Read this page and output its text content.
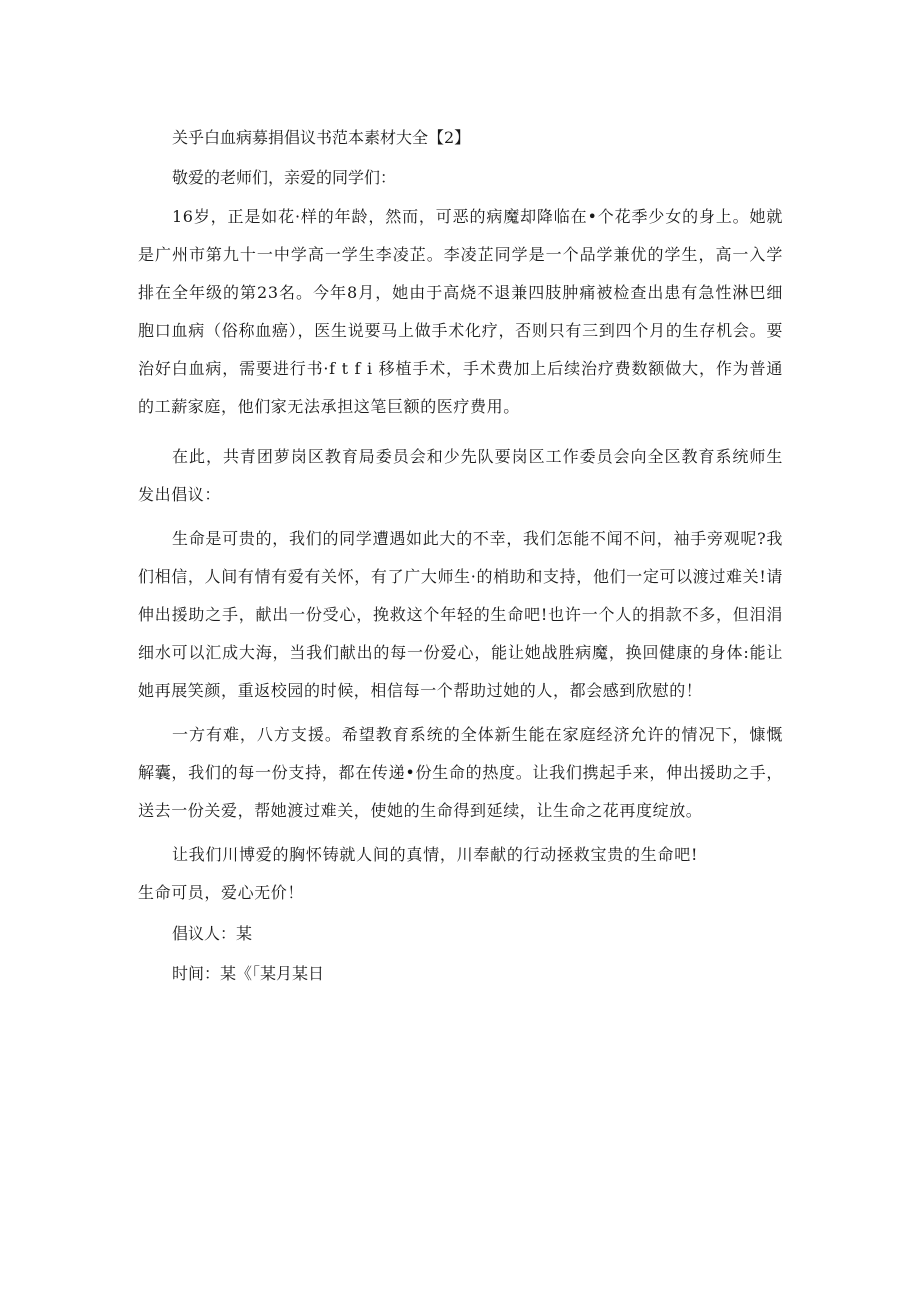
关乎白血病募捐倡议书范本素材大全【2】
敬爱的老师们，亲爱的同学们：

16岁，正是如花·样的年龄，然而，可恶的病魔却降临在•个花季少女的身上。她就是广州市第九十一中学高一学生李凌芷。李凌芷同学是一个品学兼优的学生，高一入学排在全年级的第23名。今年8月，她由于高烧不退兼四肢肿痛被检查出患有急性淋巴细胞口血病（俗称血癌），医生说要马上做手术化疗，否则只有三到四个月的生存机会。要治好白血病，需要进行书·f t f i 移植手术，手术费加上后续治疗费数额做大，作为普通的工薪家庭，他们家无法承担这笔巨额的医疗费用。

在此，共青团萝岗区教育局委员会和少先队要岗区工作委员会向全区教育系统师生发出倡议：

生命是可贵的，我们的同学遭遇如此大的不幸，我们怎能不闻不问，袖手旁观呢?我们相信，人间有情有爱有关怀，有了广大师生·的梢助和支持，他们一定可以渡过难关!请伸出援助之手，献出一份受心，挽救这个年轻的生命吧!也许一个人的捐款不多，但泪涓细水可以汇成大海，当我们献出的每一份爱心，能让她战胜病魔，换回健康的身体:能让她再展笑颜，重返校园的时候，相信每一个帮助过她的人，都会感到欣慰的！

一方有难，八方支援。希望教育系统的全体新生能在家庭经济允许的情况下，慷慨解囊，我们的每一份支持，都在传递•份生命的热度。让我们携起手来，伸出援助之手，送去一份关爱，帮她渡过难关，使她的生命得到延续，让生命之花再度绽放。

让我们川博爱的胸怀铸就人间的真情，川奉献的行动拯救宝贵的生命吧!生命可员，爱心无价！

倡议人：某
时间：某《「某月某日
